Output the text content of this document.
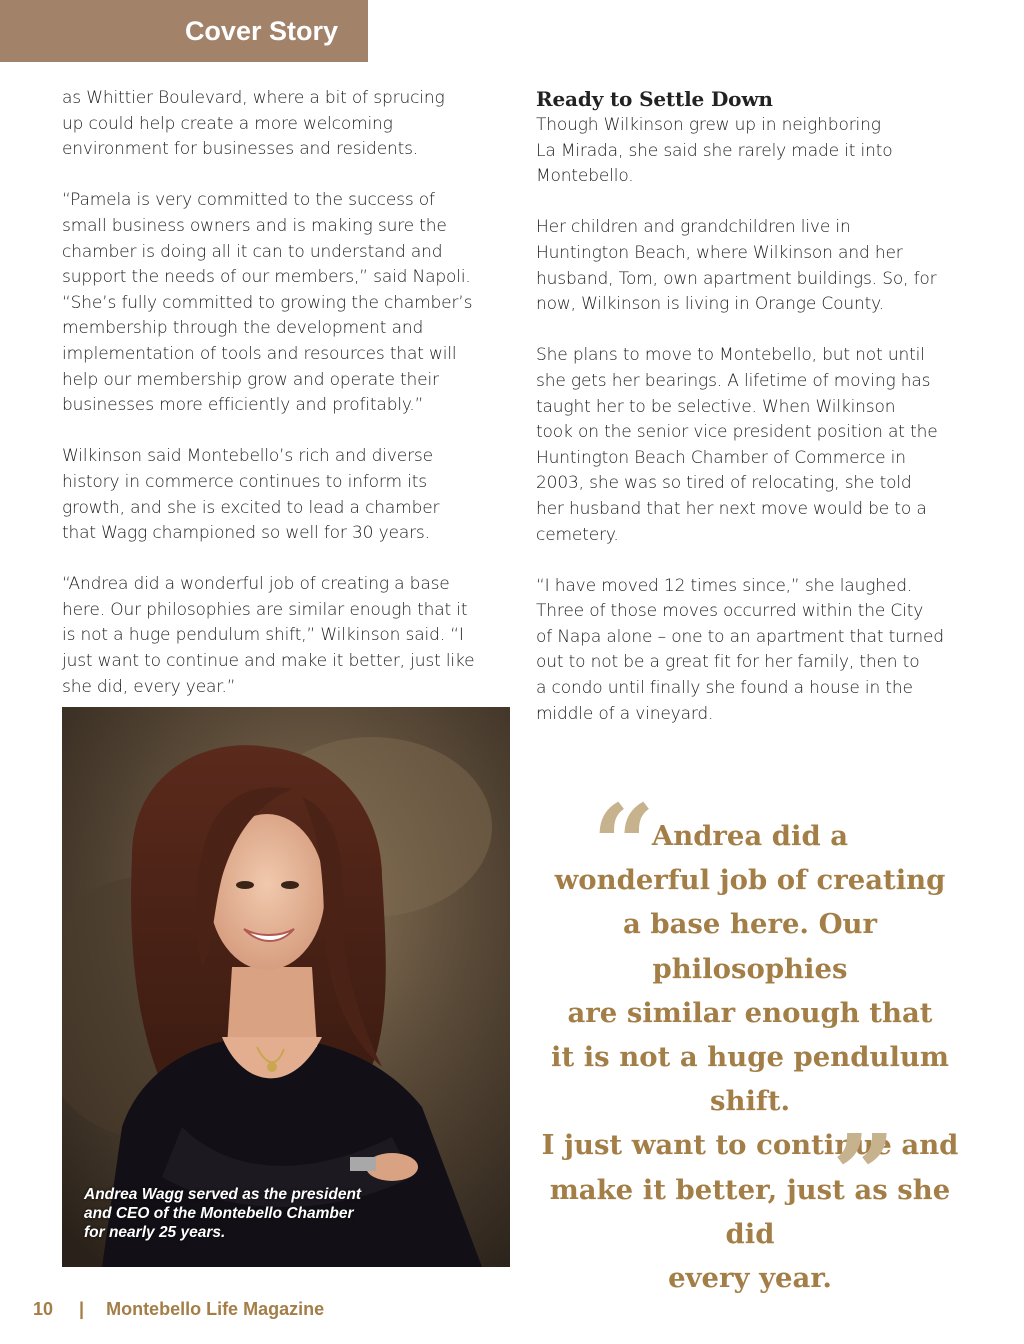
Cover Story

as Whittier Boulevard, where a bit of sprucing
up could help create a more welcoming
environment for businesses and residents.

“Pamela is very committed to the success of
small business owners and is making sure the
chamber is doing all it can to understand and
support the needs of our members,” said Napoli.
“She’s fully committed to growing the chamber’s
membership through the development and
implementation of tools and resources that will
help our membership grow and operate their
businesses more efficiently and profitably.”

Wilkinson said Montebello’s rich and diverse
history in commerce continues to inform its
growth, and she is excited to lead a chamber
that Wagg championed so well for 30 years.

“Andrea did a wonderful job of creating a base
here. Our philosophies are similar enough that it
is not a huge pendulum shift,” Wilkinson said. “I
just want to continue and make it better, just like
she did, every year.”

Ready to Settle Down

Though Wilkinson grew up in neighboring
La Mirada, she said she rarely made it into
Montebello.

Her children and grandchildren live in
Huntington Beach, where Wilkinson and her
husband, Tom, own apartment buildings. So, for
now, Wilkinson is living in Orange County.

She plans to move to Montebello, but not until
she gets her bearings. A lifetime of moving has
taught her to be selective. When Wilkinson
took on the senior vice president position at the
Huntington Beach Chamber of Commerce in
2003, she was so tired of relocating, she told
her husband that her next move would be to a
cemetery.

“I have moved 12 times since,” she laughed.
Three of those moves occurred within the City
of Napa alone – one to an apartment that turned
out to not be a great fit for her family, then to
a condo until finally she found a house in the
middle of a vineyard.

Andrea Wagg served as the president
and CEO of the Montebello Chamber
for nearly 25 years.
“
Andrea did a
wonderful job of creating
a base here. Our philosophies
are similar enough that
it is not a huge pendulum shift.
I just want to continue and
make it better, just as she did
every year.
”
10 | Montebello Life Magazine
